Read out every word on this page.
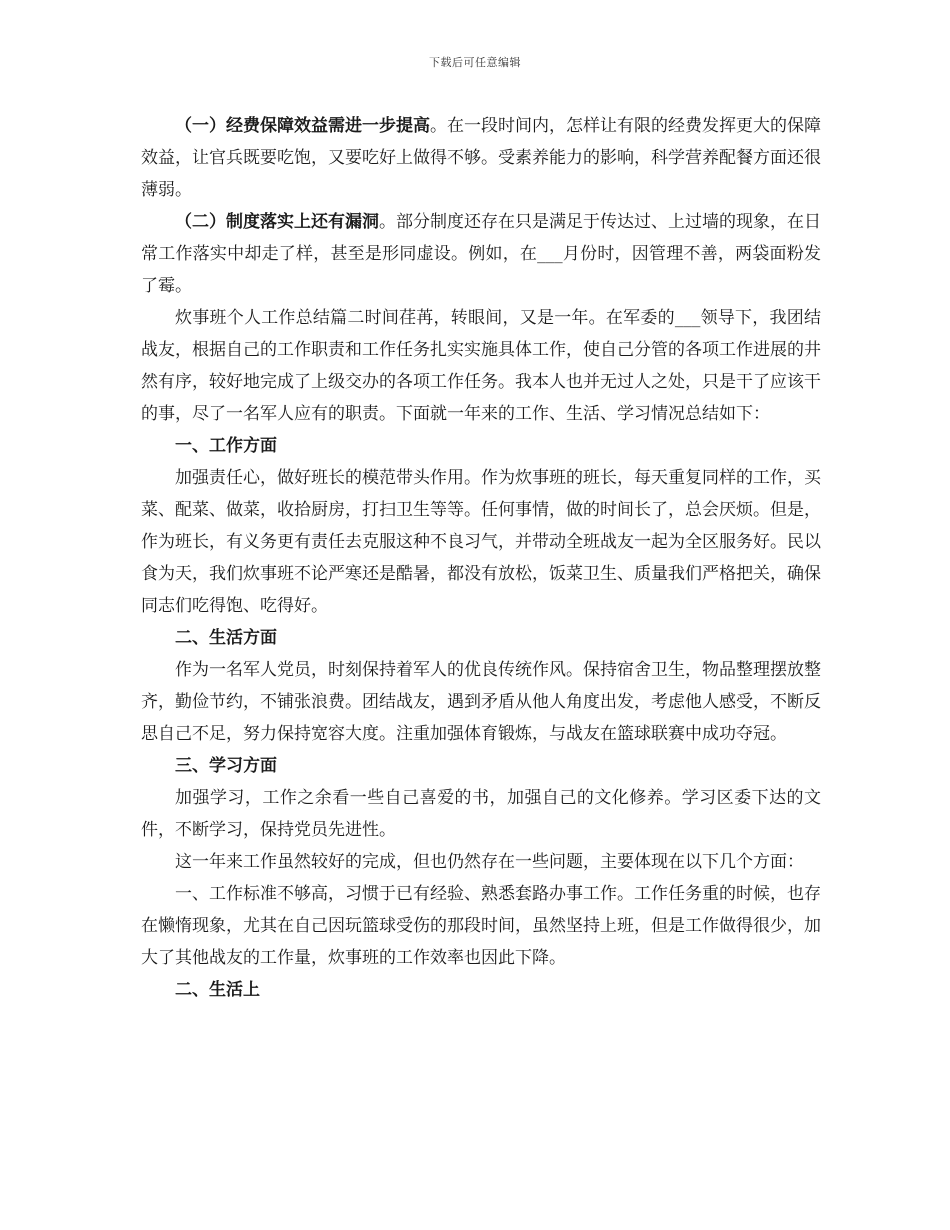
下载后可任意编辑

（一）经费保障效益需进一步提高。在一段时间内，怎样让有限的经费发挥更大的保障效益，让官兵既要吃饱，又要吃好上做得不够。受素养能力的影响，科学营养配餐方面还很薄弱。

（二）制度落实上还有漏洞。部分制度还存在只是满足于传达过、上过墙的现象，在日常工作落实中却走了样，甚至是形同虚设。例如，在___月份时，因管理不善，两袋面粉发了霉。

炊事班个人工作总结篇二时间荏苒，转眼间，又是一年。在军委的___领导下，我团结战友，根据自己的工作职责和工作任务扎实实施具体工作，使自己分管的各项工作进展的井然有序，较好地完成了上级交办的各项工作任务。我本人也并无过人之处，只是干了应该干的事，尽了一名军人应有的职责。下面就一年来的工作、生活、学习情况总结如下：

一、工作方面

加强责任心，做好班长的模范带头作用。作为炊事班的班长，每天重复同样的工作，买菜、配菜、做菜，收拾厨房，打扫卫生等等。任何事情，做的时间长了，总会厌烦。但是，作为班长，有义务更有责任去克服这种不良习气，并带动全班战友一起为全区服务好。民以食为天，我们炊事班不论严寒还是酷暑，都没有放松，饭菜卫生、质量我们严格把关，确保同志们吃得饱、吃得好。

二、生活方面

作为一名军人党员，时刻保持着军人的优良传统作风。保持宿舍卫生，物品整理摆放整齐，勤俭节约，不铺张浪费。团结战友，遇到矛盾从他人角度出发，考虑他人感受，不断反思自己不足，努力保持宽容大度。注重加强体育锻炼，与战友在篮球联赛中成功夺冠。

三、学习方面

加强学习，工作之余看一些自己喜爱的书，加强自己的文化修养。学习区委下达的文件，不断学习，保持党员先进性。

这一年来工作虽然较好的完成，但也仍然存在一些问题，主要体现在以下几个方面：

一、工作标准不够高，习惯于已有经验、熟悉套路办事工作。工作任务重的时候，也存在懒惰现象，尤其在自己因玩篮球受伤的那段时间，虽然坚持上班，但是工作做得很少，加大了其他战友的工作量，炊事班的工作效率也因此下降。

二、生活上
